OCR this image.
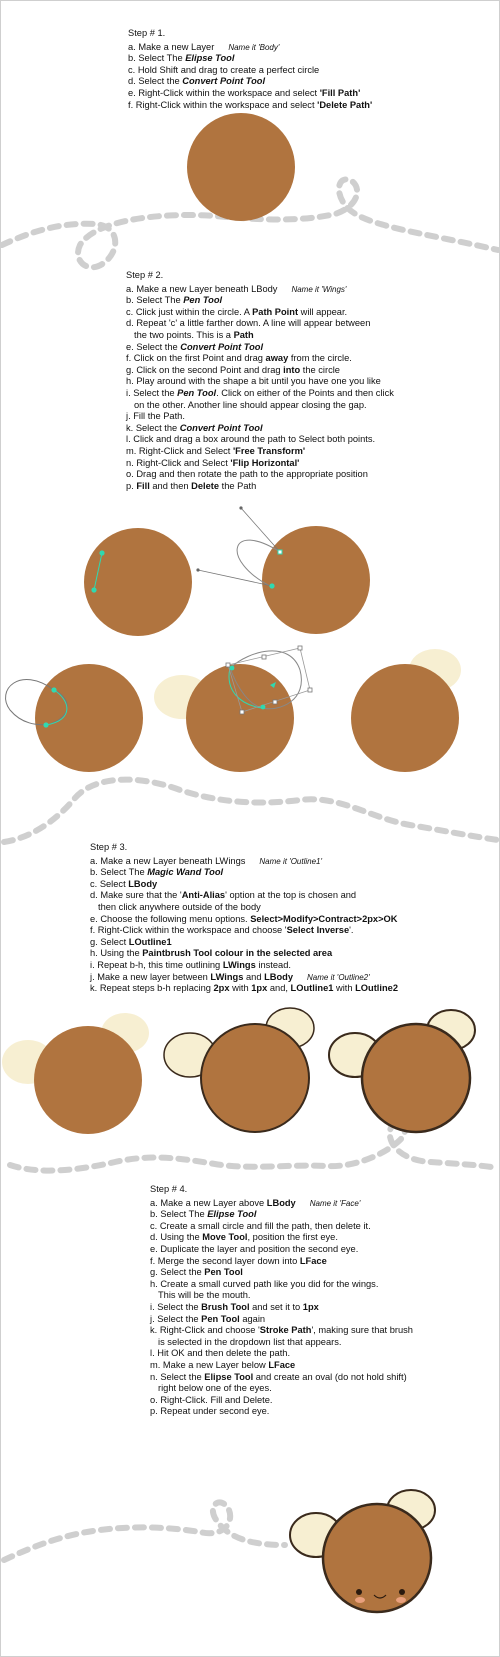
Step # 1.
a. Make a new Layer Name it 'Body'
b. Select The Elipse Tool
c. Hold Shift and drag to create a perfect circle
d. Select the Convert Point Tool
e. Right-Click within the workspace and select 'Fill Path'
f. Right-Click within the workspace and select 'Delete Path'
Step # 2.
a. Make a new Layer beneath LBody Name it 'Wings'
b. Select The Pen Tool
c. Click just within the circle. A Path Point will appear.
d. Repeat 'c' a little farther down. A line will appear between
the two points. This is a Path
e. Select the Convert Point Tool
f. Click on the first Point and drag away from the circle.
g. Click on the second Point and drag into the circle
h. Play around with the shape a bit until you have one you like
i. Select the Pen Tool. Click on either of the Points and then click
on the other. Another line should appear closing the gap.
j. Fill the Path.
k. Select the Convert Point Tool
l. Click and drag a box around the path to Select both points.
m. Right-Click and Select 'Free Transform'
n. Right-Click and Select 'Flip Horizontal'
o. Drag and then rotate the path to the appropriate position
p. Fill and then Delete the Path
Step # 3.
a. Make a new Layer beneath LWings Name it 'Outline1'
b. Select The Magic Wand Tool
c. Select LBody
d. Make sure that the 'Anti-Alias' option at the top is chosen and
then click anywhere outside of the body
e. Choose the following menu options. Select>Modify>Contract>2px>OK
f. Right-Click within the workspace and choose 'Select Inverse'.
g. Select LOutline1
h. Using the Paintbrush Tool colour in the selected area
i. Repeat b-h, this time outlining LWings instead.
j. Make a new layer between LWings and LBody Name it 'Outline2'
k. Repeat steps b-h replacing 2px with 1px and, LOutline1 with LOutline2
Step # 4.
a. Make a new Layer above LBody Name it 'Face'
b. Select The Elipse Tool
c. Create a small circle and fill the path, then delete it.
d. Using the Move Tool, position the first eye.
e. Duplicate the layer and position the second eye.
f. Merge the second layer down into LFace
g. Select the Pen Tool
h. Create a small curved path like you did for the wings.
This will be the mouth.
i. Select the Brush Tool and set it to 1px
j. Select the Pen Tool again
k. Right-Click and choose 'Stroke Path', making sure that brush
is selected in the dropdown list that appears.
l. Hit OK and then delete the path.
m. Make a new Layer below LFace
n. Select the Elipse Tool and create an oval (do not hold shift)
right below one of the eyes.
o. Right-Click. Fill and Delete.
p. Repeat under second eye.
